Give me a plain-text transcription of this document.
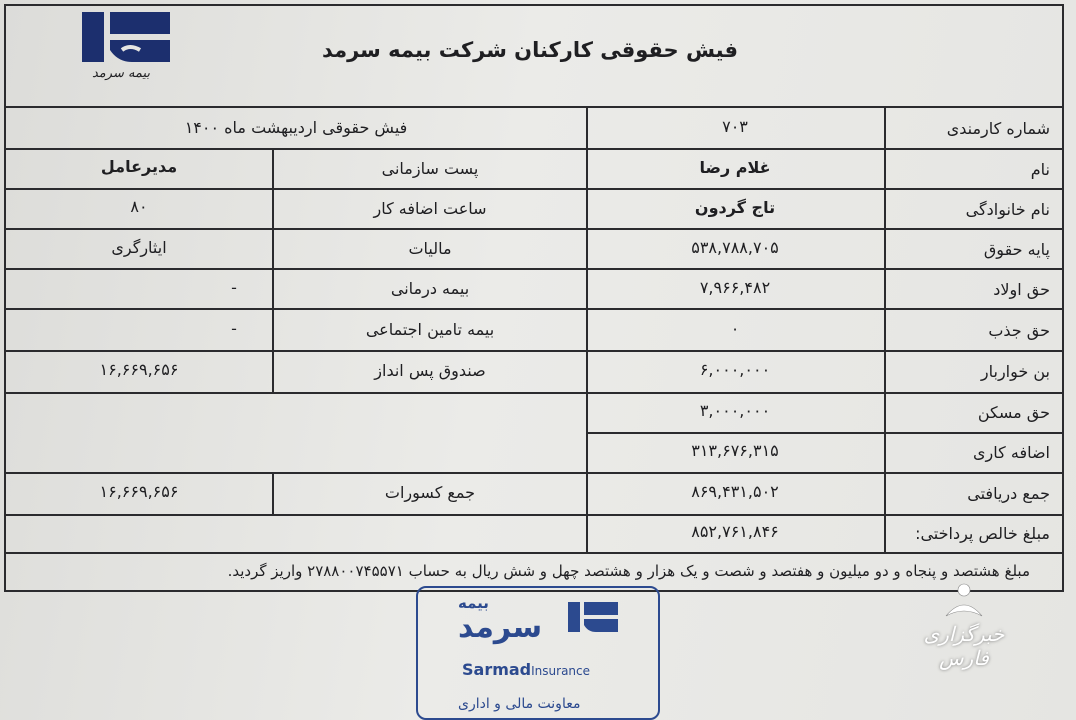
بیمه سرمد
فیش حقوقی کارکنان شرکت بیمه سرمد
شماره کارمندی
۷۰۳
نام
غلام رضا
نام خانوادگی
تاج گردون
پایه حقوق
۵۳۸,۷۸۸,۷۰۵
حق اولاد
۷,۹۶۶,۴۸۲
حق جذب
۰
بن خواربار
۶,۰۰۰,۰۰۰
حق مسکن
۳,۰۰۰,۰۰۰
اضافه کاری
۳۱۳,۶۷۶,۳۱۵
جمع دریافتی
۸۶۹,۴۳۱,۵۰۲
مبلغ خالص پرداختی:
۸۵۲,۷۶۱,۸۴۶
فیش حقوقی اردیبهشت ماه ۱۴۰۰
پست سازمانی
مدیرعامل
ساعت اضافه کار
۸۰
مالیات
ایثارگری
بیمه درمانی
-
بیمه تامین اجتماعی
-
صندوق پس انداز
۱۶,۶۶۹,۶۵۶
جمع کسورات
۱۶,۶۶۹,۶۵۶
مبلغ هشتصد و پنجاه و دو میلیون و هفتصد و شصت و یک هزار و هشتصد چهل و شش ریال به حساب ۲۷۸۸۰۰۷۴۵۵۷۱ واریز گردید.
بیمه
سرمد
SarmadInsurance
معاونت مالی و اداری
خبرگزاری فارس
